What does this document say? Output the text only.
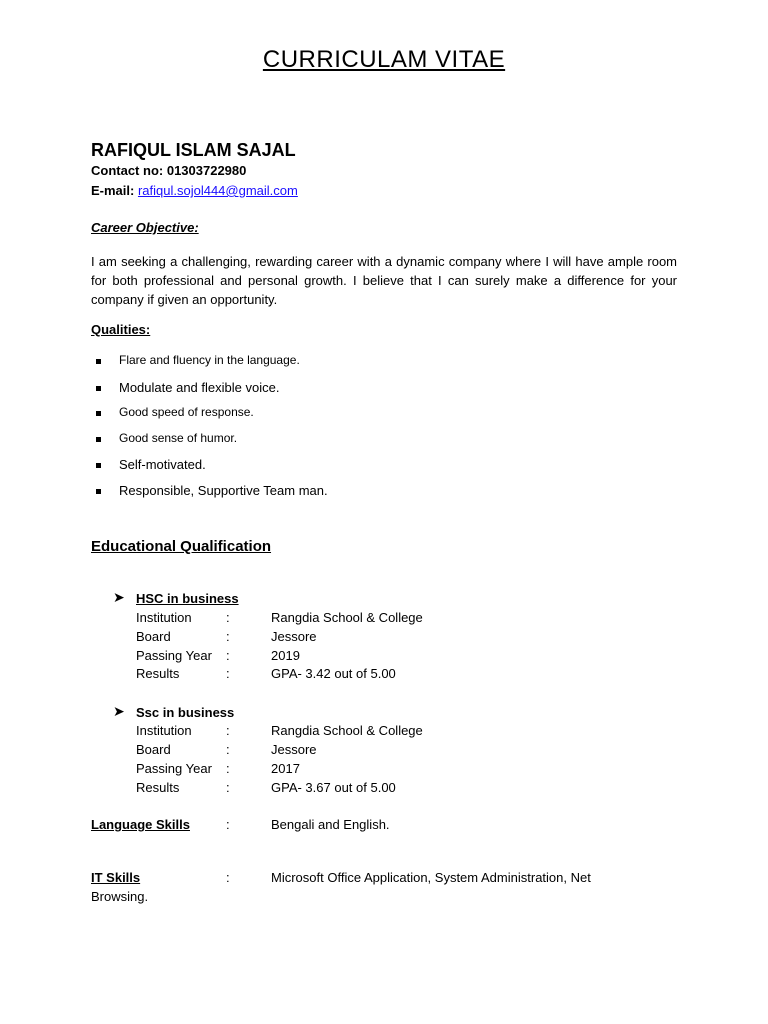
CURRICULAM VITAE
RAFIQUL ISLAM SAJAL
Contact no: 01303722980
E-mail: rafiqul.sojol444@gmail.com
Career Objective:
I am seeking a challenging, rewarding career with a dynamic company where I will have ample room for both professional and personal growth. I believe that I can surely make a difference for your company if given an opportunity.
Qualities:
Flare and fluency in the language.
Modulate and flexible voice.
Good speed of response.
Good sense of humor.
Self-motivated.
Responsible, Supportive Team man.
Educational Qualification
➤ HSC in business
Institution	:	Rangdia School & College
Board	:	Jessore
Passing Year :	2019
Results	:	GPA- 3.42 out of 5.00
➤ Ssc in business
Institution	:	Rangdia School & College
Board	:	Jessore
Passing Year :	2017
Results	:	GPA- 3.67 out of 5.00
Language Skills	:	Bengali and English.
IT Skills	:	Microsoft Office Application, System Administration, Net
Browsing.
